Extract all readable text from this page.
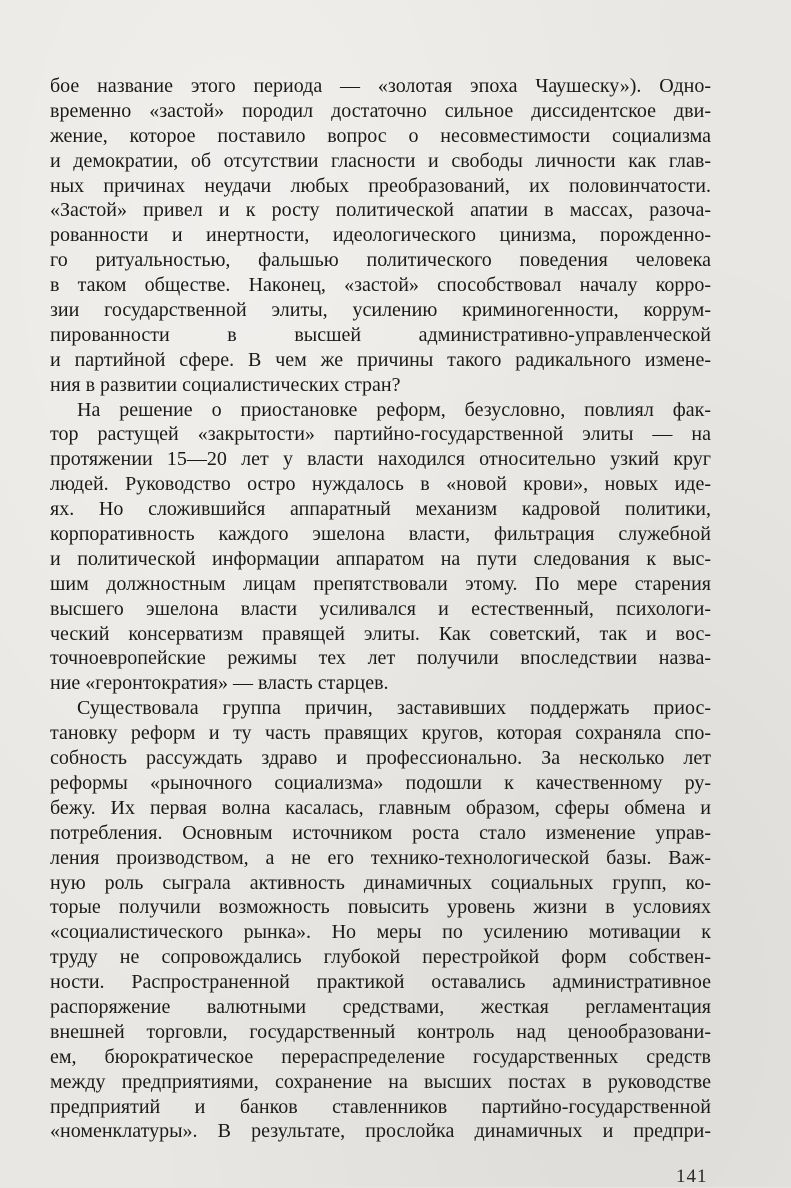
бое название этого периода — «золотая эпоха Чаушеску»). Одно-
временно «застой» породил достаточно сильное диссидентское дви-
жение, которое поставило вопрос о несовместимости социализма
и демократии, об отсутствии гласности и свободы личности как глав-
ных причинах неудачи любых преобразований, их половинчатости.
«Застой» привел и к росту политической апатии в массах, разоча-
рованности и инертности, идеологического цинизма, порожденно-
го ритуальностью, фальшью политического поведения человека
в таком обществе. Наконец, «застой» способствовал началу корро-
зии государственной элиты, усилению криминогенности, коррум-
пированности в высшей административно-управленческой
и партийной сфере. В чем же причины такого радикального измене-
ния в развитии социалистических стран?
На решение о приостановке реформ, безусловно, повлиял фак-
тор растущей «закрытости» партийно-государственной элиты — на
протяжении 15—20 лет у власти находился относительно узкий круг
людей. Руководство остро нуждалось в «новой крови», новых иде-
ях. Но сложившийся аппаратный механизм кадровой политики,
корпоративность каждого эшелона власти, фильтрация служебной
и политической информации аппаратом на пути следования к выс-
шим должностным лицам препятствовали этому. По мере старения
высшего эшелона власти усиливался и естественный, психологи-
ческий консерватизм правящей элиты. Как советский, так и вос-
точноевропейские режимы тех лет получили впоследствии назва-
ние «геронтократия» — власть старцев.
Существовала группа причин, заставивших поддержать приос-
тановку реформ и ту часть правящих кругов, которая сохраняла спо-
собность рассуждать здраво и профессионально. За несколько лет
реформы «рыночного социализма» подошли к качественному ру-
бежу. Их первая волна касалась, главным образом, сферы обмена и
потребления. Основным источником роста стало изменение управ-
ления производством, а не его технико-технологической базы. Важ-
ную роль сыграла активность динамичных социальных групп, ко-
торые получили возможность повысить уровень жизни в условиях
«социалистического рынка». Но меры по усилению мотивации к
труду не сопровождались глубокой перестройкой форм собствен-
ности. Распространенной практикой оставались административное
распоряжение валютными средствами, жесткая регламентация
внешней торговли, государственный контроль над ценообразовани-
ем, бюрократическое перераспределение государственных средств
между предприятиями, сохранение на высших постах в руководстве
предприятий и банков ставленников партийно-государственной
«номенклатуры». В результате, прослойка динамичных и предпри-
141
